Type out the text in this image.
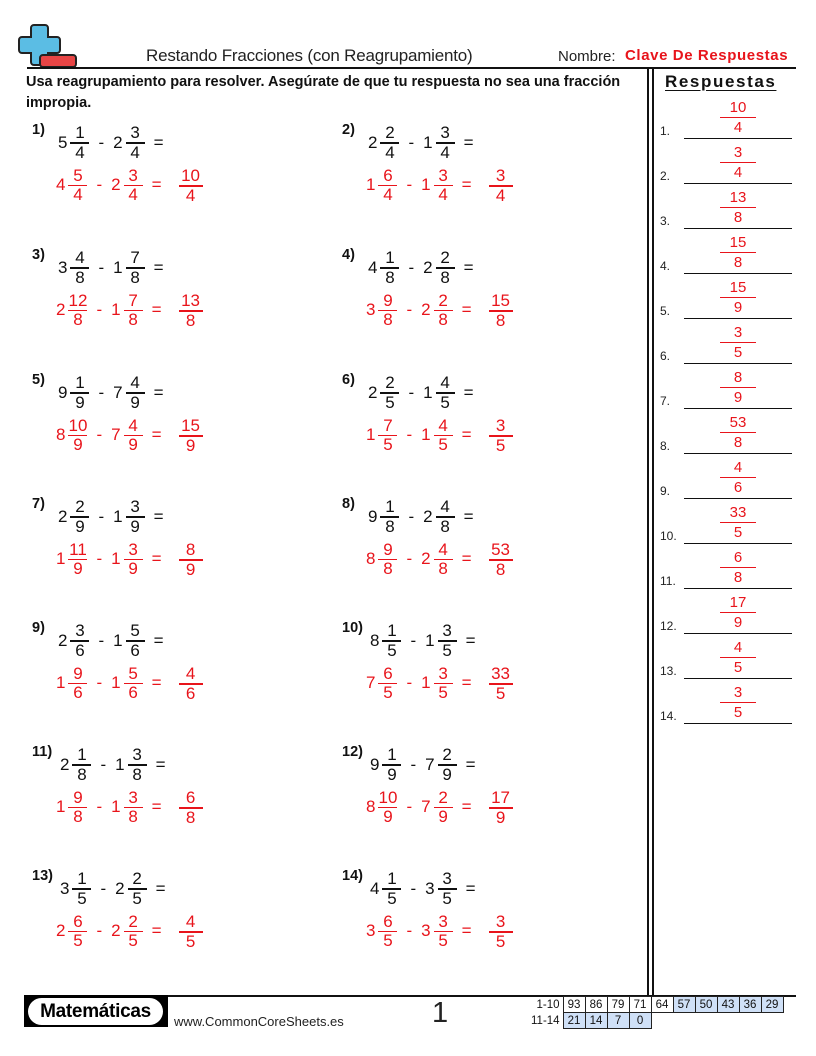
Restando Fracciones (con Reagrupamiento)	Nombre: Clave De Respuestas
Usa reagrupamiento para resolver. Asegúrate de que tu respuesta no sea una fracción impropia.
Respuestas
1.
10
4
2.
3
4
3.
13
8
4.
15
8
5.
15
9
6.
3
5
7.
8
9
8.
53
8
9.
4
6
10.
33
5
11.
6
8
12.
17
9
13.
4
5
14.
3
5
1)
$5 \frac{1}{4} - 2 \frac{3}{4}$ =
$4 \frac{5}{4} - 2 \frac{3}{4} = \frac{10}{4}$
2)
$2 \frac{2}{4} - 1 \frac{3}{4}$ =
$1 \frac{6}{4} - 1 \frac{3}{4} = \frac{3}{4}$
3)
$3 \frac{4}{8} - 1 \frac{7}{8}$ =
$2 \frac{12}{8} - 1 \frac{7}{8} = \frac{13}{8}$
4)
$4 \frac{1}{8} - 2 \frac{2}{8}$ =
$3 \frac{9}{8} - 2 \frac{2}{8} = \frac{15}{8}$
5)
$9 \frac{1}{9} - 7 \frac{4}{9}$ =
$8 \frac{10}{9} - 7 \frac{4}{9} = \frac{15}{9}$
6)
$2 \frac{2}{5} - 1 \frac{4}{5}$ =
$1 \frac{7}{5} - 1 \frac{4}{5} = \frac{3}{5}$
7)
$2 \frac{2}{9} - 1 \frac{3}{9}$ =
$1 \frac{11}{9} - 1 \frac{3}{9} = \frac{8}{9}$
8)
$9 \frac{1}{8} - 2 \frac{4}{8}$ =
$8 \frac{9}{8} - 2 \frac{4}{8} = \frac{53}{8}$
9)
$2 \frac{3}{6} - 1 \frac{5}{6}$ =
$1 \frac{9}{6} - 1 \frac{5}{6} = \frac{4}{6}$
10)
$8 \frac{1}{5} - 1 \frac{3}{5}$ =
$7 \frac{6}{5} - 1 \frac{3}{5} = \frac{33}{5}$
11)
$2 \frac{1}{8} - 1 \frac{3}{8}$ =
$1 \frac{9}{8} - 1 \frac{3}{8} = \frac{6}{8}$
12)
$9 \frac{1}{9} - 7 \frac{2}{9}$ =
$8 \frac{10}{9} - 7 \frac{2}{9} = \frac{17}{9}$
13)
$3 \frac{1}{5} - 2 \frac{2}{5}$ =
$2 \frac{6}{5} - 2 \frac{2}{5} = \frac{4}{5}$
14)
$4 \frac{1}{5} - 3 \frac{3}{5}$ =
$3 \frac{6}{5} - 3 \frac{3}{5} = \frac{3}{5}$
Matemáticas	www.CommonCoreSheets.es	1	1-10	93	86	79	71	64	57	50	43	36	29
11-14	21	14	7	0						
